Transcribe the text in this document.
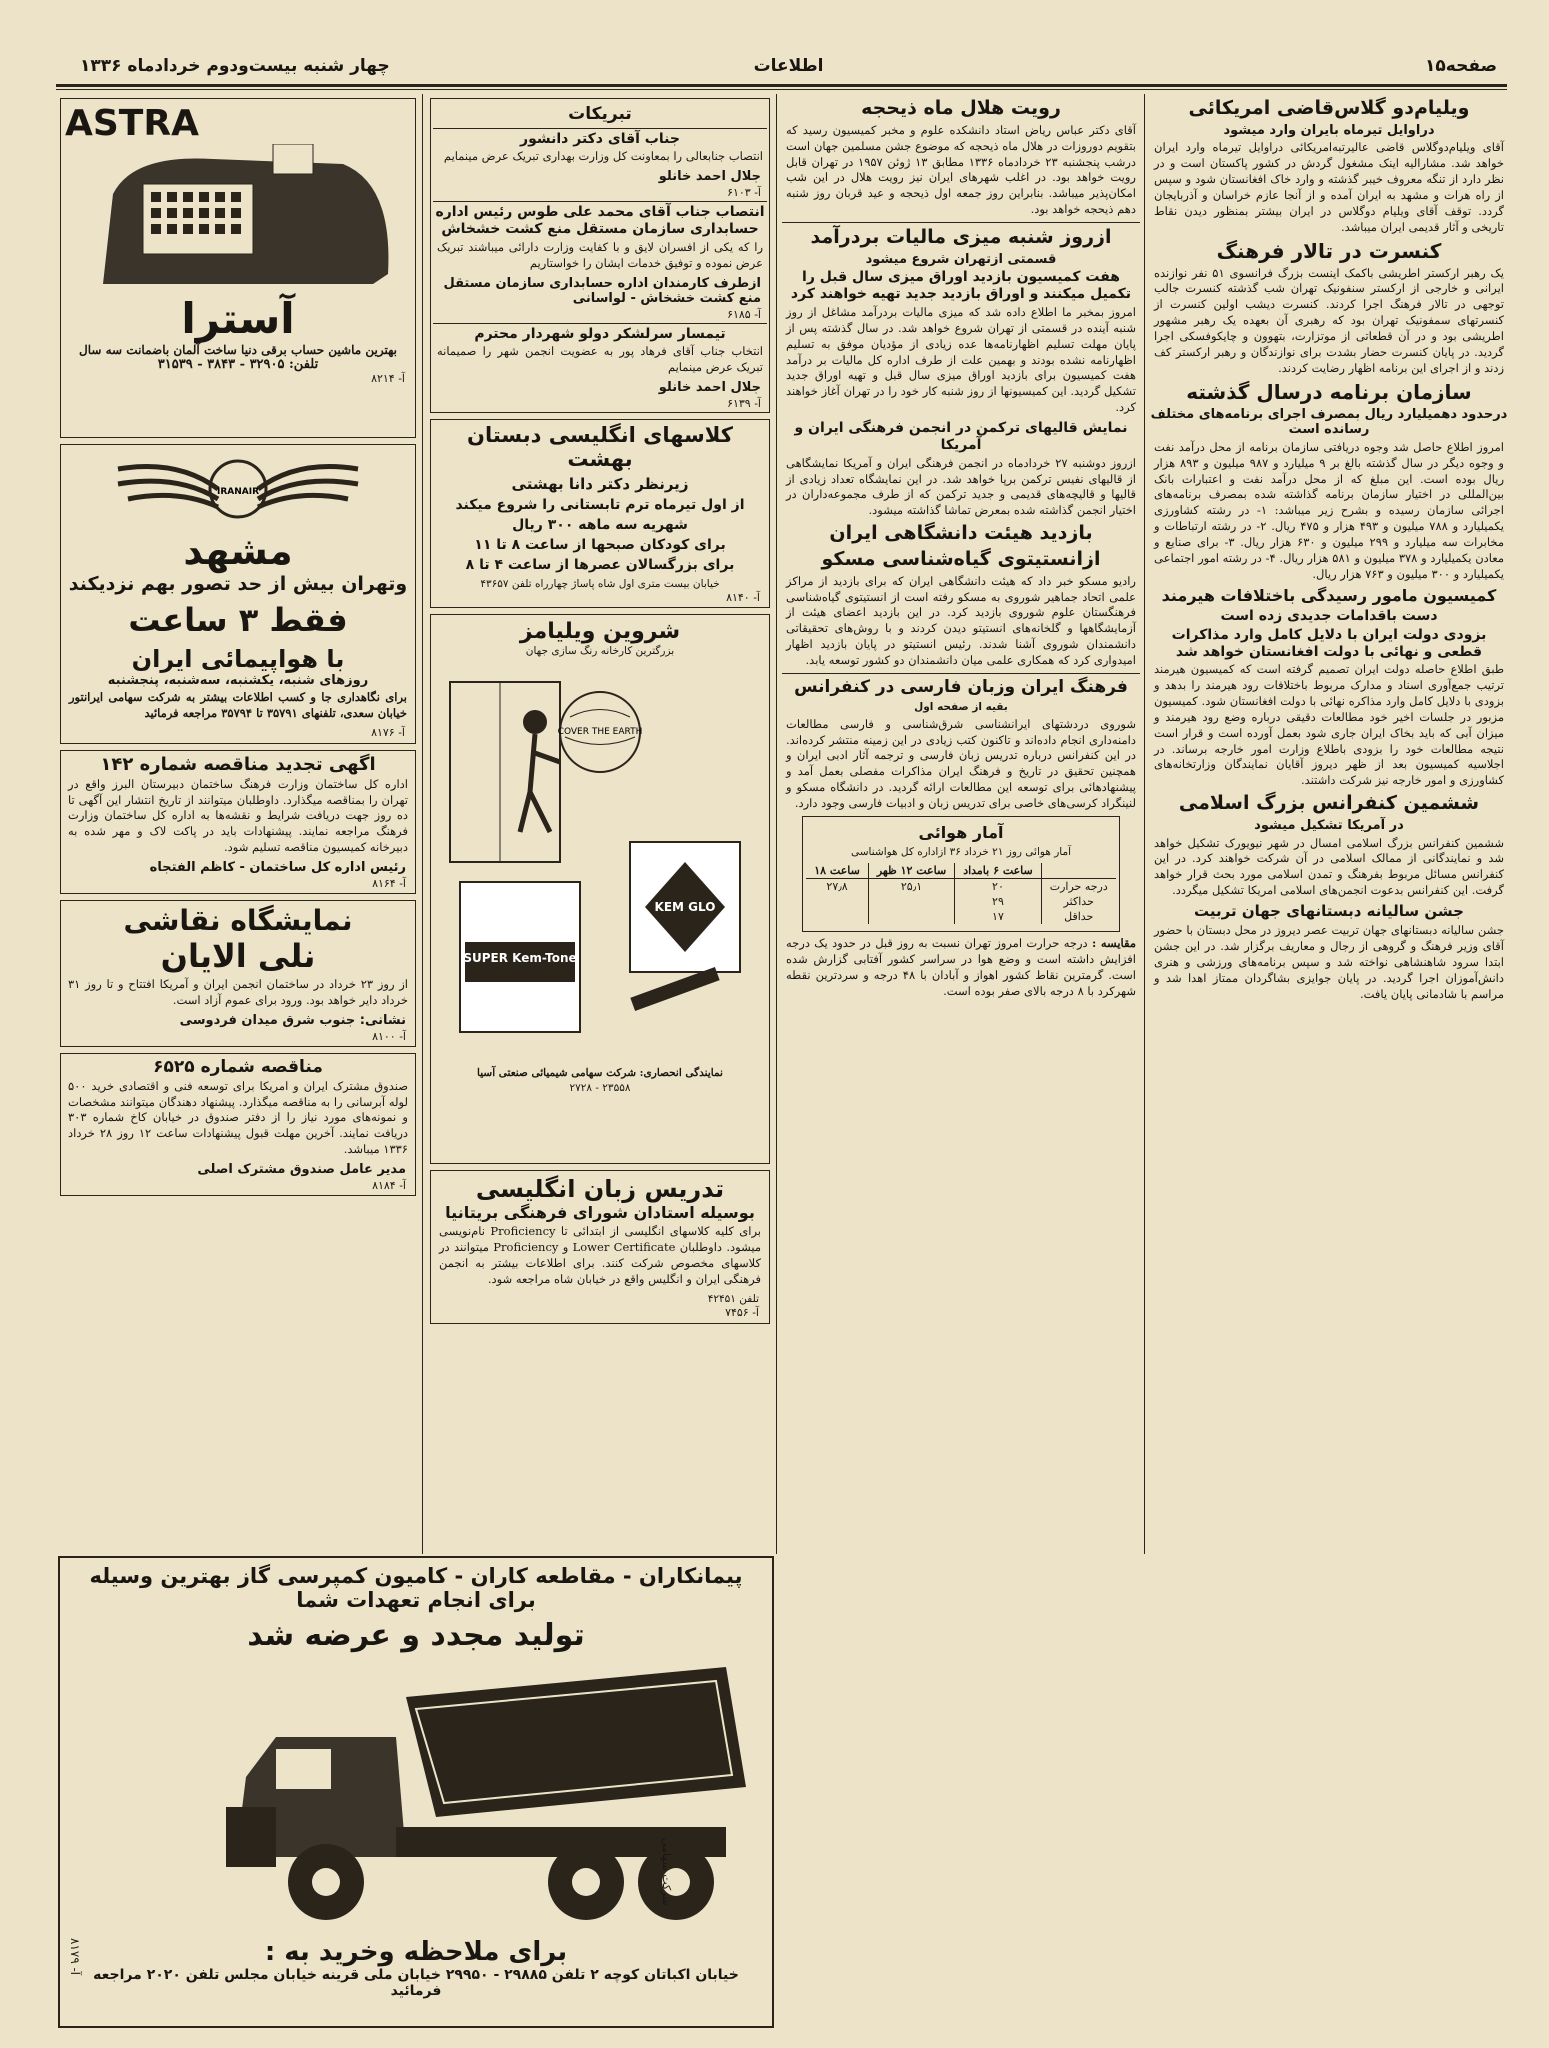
صفحه۱۵
اطلاعات
چهار شنبه بیست‌ودوم خردادماه ۱۳۳۶
ویلیام‌دو گلاس‌قاضی امریکائی
دراوایل تیرماه بایران وارد میشود
آقای ویلیام‌دوگلاس قاضی عالیرتبه‌امریکائی دراوایل تیرماه وارد ایران خواهد شد. مشارالیه اینک مشغول گردش در کشور پاکستان است و در نظر دارد از تنگه معروف خیبر گذشته و وارد خاک افغانستان شود و سپس از راه هرات و مشهد به ایران آمده و از آنجا عازم خراسان و آذربایجان گردد. توقف آقای ویلیام دوگلاس در ایران بیشتر بمنظور دیدن نقاط تاریخی و آثار قدیمی ایران میباشد.
کنسرت در تالار فرهنگ
یک رهبر ارکستر اطریشی باکمک اینست بزرگ فرانسوی ۵۱ نفر نوازنده ایرانی و خارجی از ارکستر سنفونیک تهران شب گذشته کنسرت جالب توجهی در تالار فرهنگ اجرا کردند. کنسرت دیشب اولین کنسرت از کنسرتهای سمفونیک تهران بود که رهبری آن بعهده یک رهبر مشهور اطریشی بود و در آن قطعاتی از موتزارت، بتهوون و چایکوفسکی اجرا گردید. در پایان کنسرت حضار بشدت برای نوازندگان و رهبر ارکستر کف زدند و از اجرای این برنامه اظهار رضایت کردند.
سازمان برنامه درسال گذشته
درحدود دهمیلیارد ریال بمصرف اجرای برنامه‌های مختلف رسانده است
امروز اطلاع حاصل شد وجوه دریافتی سازمان برنامه از محل درآمد نفت و وجوه دیگر در سال گذشته بالغ بر ۹ میلیارد و ۹۸۷ میلیون و ۸۹۳ هزار ریال بوده است. این مبلغ که از محل درآمد نفت و اعتبارات بانک بین‌المللی در اختیار سازمان برنامه گذاشته شده بمصرف برنامه‌های اجرائی سازمان رسیده و بشرح زیر میباشد: ۱- در رشته کشاورزی یکمیلیارد و ۷۸۸ میلیون و ۴۹۳ هزار و ۴۷۵ ریال. ۲- در رشته ارتباطات و مخابرات سه میلیارد و ۲۹۹ میلیون و ۶۳۰ هزار ریال. ۳- برای صنایع و معادن یکمیلیارد و ۳۷۸ میلیون و ۵۸۱ هزار ریال. ۴- در رشته امور اجتماعی یکمیلیارد و ۳۰۰ میلیون و ۷۶۳ هزار ریال.
کمیسیون مامور رسیدگی باختلافات هیرمند
دست باقدامات جدیدی زده است
بزودی دولت ایران با دلایل کامل وارد مذاکرات قطعی و نهائی با دولت افغانستان خواهد شد
طبق اطلاع حاصله دولت ایران تصمیم گرفته است که کمیسیون هیرمند ترتیب جمع‌آوری اسناد و مدارک مربوط باختلافات رود هیرمند را بدهد و بزودی با دلایل کامل وارد مذاکره نهائی با دولت افغانستان شود. کمیسیون مزبور در جلسات اخیر خود مطالعات دقیقی درباره وضع رود هیرمند و میزان آبی که باید بخاک ایران جاری شود بعمل آورده است و قرار است نتیجه مطالعات خود را بزودی باطلاع وزارت امور خارجه برساند. در اجلاسیه کمیسیون بعد از ظهر دیروز آقایان نمایندگان وزارتخانه‌های کشاورزی و امور خارجه نیز شرکت داشتند.
ششمین کنفرانس بزرگ اسلامی
در آمریکا تشکیل میشود
ششمین کنفرانس بزرگ اسلامی امسال در شهر نیویورک تشکیل خواهد شد و نمایندگانی از ممالک اسلامی در آن شرکت خواهند کرد. در این کنفرانس مسائل مربوط بفرهنگ و تمدن اسلامی مورد بحث قرار خواهد گرفت. این کنفرانس بدعوت انجمن‌های اسلامی امریکا تشکیل میگردد.
جشن سالیانه دبستانهای جهان تربیت
جشن سالیانه دبستانهای جهان تربیت عصر دیروز در محل دبستان با حضور آقای وزیر فرهنگ و گروهی از رجال و معاریف برگزار شد. در این جشن ابتدا سرود شاهنشاهی نواخته شد و سپس برنامه‌های ورزشی و هنری دانش‌آموزان اجرا گردید. در پایان جوایزی بشاگردان ممتاز اهدا شد و مراسم با شادمانی پایان یافت.
رویت هلال ماه ذیحجه
آقای دکتر عباس ریاض استاد دانشکده علوم و مخبر کمیسیون رسید که بتقویم دوروزات در هلال ماه ذیحجه که موضوع جشن مسلمین جهان است درشب پنجشنبه ۲۳ خردادماه ۱۳۳۶ مطابق ۱۳ ژوئن ۱۹۵۷ در تهران قابل رویت خواهد بود. در اغلب شهرهای ایران نیز رویت هلال در این شب امکان‌پذیر میباشد. بنابراین روز جمعه اول ذیحجه و عید قربان روز شنبه دهم ذیحجه خواهد بود.
ازروز شنبه میزی مالیات بردرآمد
قسمتی ازتهران شروع میشود
هفت کمیسیون بازدید اوراق میزی سال قبل را تکمیل میکنند و اوراق بازدید جدید تهیه خواهند کرد
امروز بمخبر ما اطلاع داده شد که میزی مالیات بردرآمد مشاغل از روز شنبه آینده در قسمتی از تهران شروع خواهد شد. در سال گذشته پس از پایان مهلت تسلیم اظهارنامه‌ها عده زیادی از مؤدیان موفق به تسلیم اظهارنامه نشده بودند و بهمین علت از طرف اداره کل مالیات بر درآمد هفت کمیسیون برای بازدید اوراق میزی سال قبل و تهیه اوراق جدید تشکیل گردید. این کمیسیونها از روز شنبه کار خود را در تهران آغاز خواهند کرد.
نمایش قالیهای ترکمن در انجمن فرهنگی ایران و آمریکا
ازروز دوشنبه ۲۷ خردادماه در انجمن فرهنگی ایران و آمریکا نمایشگاهی از قالیهای نفیس ترکمن برپا خواهد شد. در این نمایشگاه تعداد زیادی از قالیها و قالیچه‌های قدیمی و جدید ترکمن که از طرف مجموعه‌داران در اختیار انجمن گذاشته شده بمعرض تماشا گذاشته میشود.
بازدید هیئت دانشگاهی ایران
ازانستیتوی گیاه‌شناسی مسکو
رادیو مسکو خبر داد که هیئت دانشگاهی ایران که برای بازدید از مراکز علمی اتحاد جماهیر شوروی به مسکو رفته است از انستیتوی گیاه‌شناسی فرهنگستان علوم شوروی بازدید کرد. در این بازدید اعضای هیئت از آزمایشگاهها و گلخانه‌های انستیتو دیدن کردند و با روش‌های تحقیقاتی دانشمندان شوروی آشنا شدند. رئیس انستیتو در پایان بازدید اظهار امیدواری کرد که همکاری علمی میان دانشمندان دو کشور توسعه یابد.
فرهنگ ایران وزبان فارسی در کنفرانس
بقیه از صفحه اول
شوروی دردشتهای ایرانشناسی شرق‌شناسی و فارسی مطالعات دامنه‌داری انجام داده‌اند و تاکنون کتب زیادی در این زمینه منتشر کرده‌اند. در این کنفرانس درباره تدریس زبان فارسی و ترجمه آثار ادبی ایران و همچنین تحقیق در تاریخ و فرهنگ ایران مذاکرات مفصلی بعمل آمد و پیشنهادهائی برای توسعه این مطالعات ارائه گردید. در دانشگاه مسکو و لنینگراد کرسی‌های خاصی برای تدریس زبان و ادبیات فارسی وجود دارد.
آمار هوائی
آمار هوائی روز ۲۱ خرداد ۳۶ ازاداره کل هواشناسی
	ساعت ۶ بامداد	ساعت ۱۲ ظهر	ساعت ۱۸
درجه حرارت	۲۰	۲۵٫۱	۲۷٫۸
حداکثر	۲۹		
حداقل	۱۷		
مقایسه : درجه حرارت امروز تهران نسبت به روز قبل در حدود یک درجه افزایش داشته است و وضع هوا در سراسر کشور آفتابی گزارش شده است. گرمترین نقاط کشور اهواز و آبادان با ۴۸ درجه و سردترین نقطه شهرکرد با ۸ درجه بالای صفر بوده است.
تبریکات
جناب آقای دکتر دانشور
انتصاب جنابعالی را بمعاونت کل وزارت بهداری تبریک عرض مینمایم
جلال احمد خانلو
آ- ۶۱۰۳
انتصاب جناب آقای محمد علی طوس رئیس اداره حسابداری سازمان مستقل منع کشت خشخاش
را که یکی از افسران لایق و با کفایت وزارت دارائی میباشند تبریک عرض نموده و توفیق خدمات ایشان را خواستاریم
ازطرف کارمندان اداره حسابداری سازمان مستقل منع کشت خشخاش - لواسانی
آ- ۶۱۸۵
تیمسار سرلشکر دولو شهردار محترم
انتخاب جناب آقای فرهاد پور به عضویت انجمن شهر را صمیمانه تبریک عرض مینمایم
جلال احمد خانلو
آ- ۶۱۳۹
کلاسهای انگلیسی دبستان بهشت
زیرنظر دکتر دانا بهشتی
از اول تیرماه ترم تابستانی را شروع میکند
شهریه سه ماهه ۳۰۰ ریال
برای کودکان صبحها از ساعت ۸ تا ۱۱
برای بزرگسالان عصرها از ساعت ۴ تا ۸
خیابان بیست متری اول شاه پاساژ چهارراه تلفن ۴۳۶۵۷
آ- ۸۱۴۰
شروین ویلیامز
بزرگترین کارخانه رنگ سازی جهان
COVER THE EARTH
SUPER Kem-Tone
KEM GLO
نمایندگی انحصاری: شرکت سهامی شیمیائی صنعتی آسیا
۲۳۵۵۸ - ۲۷۲۸
تدریس زبان انگلیسی
بوسیله استادان شورای فرهنگی بریتانیا
برای کلیه کلاسهای انگلیسی از ابتدائی تا Proficiency نام‌نویسی میشود. داوطلبان Lower Certificate و Proficiency میتوانند در کلاسهای مخصوص شرکت کنند. برای اطلاعات بیشتر به انجمن فرهنگی ایران و انگلیس واقع در خیابان شاه مراجعه شود.
تلفن ۴۲۴۵۱
آ- ۷۴۵۶
ASTRA
آسترا
بهترین ماشین حساب برقی دنیا ساخت آلمان باضمانت سه سال
تلفن: ۳۲۹۰۵ - ۳۸۴۳ - ۳۱۵۳۹
آ- ۸۲۱۴
IRANAIR
مشهد
وتهران بیش از حد تصور بهم نزدیکند
فقط ۳ ساعت
با هواپیمائی ایران
روزهای شنبه، یکشنبه، سه‌شنبه، پنجشنبه
برای نگاهداری جا و کسب اطلاعات بیشتر به شرکت سهامی ایرانتور خیابان سعدی، تلفنهای ۳۵۷۹۱ تا ۳۵۷۹۴ مراجعه فرمائید
آ- ۸۱۷۶
اگهی تجدید مناقصه شماره ۱۴۲
اداره کل ساختمان وزارت فرهنگ ساختمان دبیرستان البرز واقع در تهران را بمناقصه میگذارد. داوطلبان میتوانند از تاریخ انتشار این آگهی تا ده روز جهت دریافت شرایط و نقشه‌ها به اداره کل ساختمان وزارت فرهنگ مراجعه نمایند. پیشنهادات باید در پاکت لاک و مهر شده به دبیرخانه کمیسیون مناقصه تسلیم شود.
رئیس اداره کل ساختمان - کاظم الفتجاه
آ- ۸۱۶۴
نمایشگاه نقاشی
نلی الایان
از روز ۲۳ خرداد در ساختمان انجمن ایران و آمریکا افتتاح و تا روز ۳۱ خرداد دایر خواهد بود. ورود برای عموم آزاد است.
نشانی: جنوب شرق میدان فردوسی
آ- ۸۱۰۰
مناقصه شماره ۶۵۲۵
صندوق مشترک ایران و امریکا برای توسعه فنی و اقتصادی خرید ۵۰۰ لوله آبرسانی را به مناقصه میگذارد. پیشنهاد دهندگان میتوانند مشخصات و نمونه‌های مورد نیاز را از دفتر صندوق در خیابان کاخ شماره ۳۰۳ دریافت نمایند. آخرین مهلت قبول پیشنهادات ساعت ۱۲ روز ۲۸ خرداد ۱۳۳۶ میباشد.
مدیر عامل صندوق مشترک اصلی
آ- ۸۱۸۴
پیمانکاران - مقاطعه کاران - کامیون کمپرسی گاز بهترین وسیله برای انجام تعهدات شما
تولید مجدد و عرضه شد
برای ملاحظه وخرید به :
خیابان اکباتان کوچه ۲ تلفن ۲۹۸۸۵ - ۲۹۹۵۰ خیابان ملی قرینه خیابان مجلس تلفن ۲۰۲۰ مراجعه فرمائید
آ- ۸۱۷۹
شرکت سهامی
